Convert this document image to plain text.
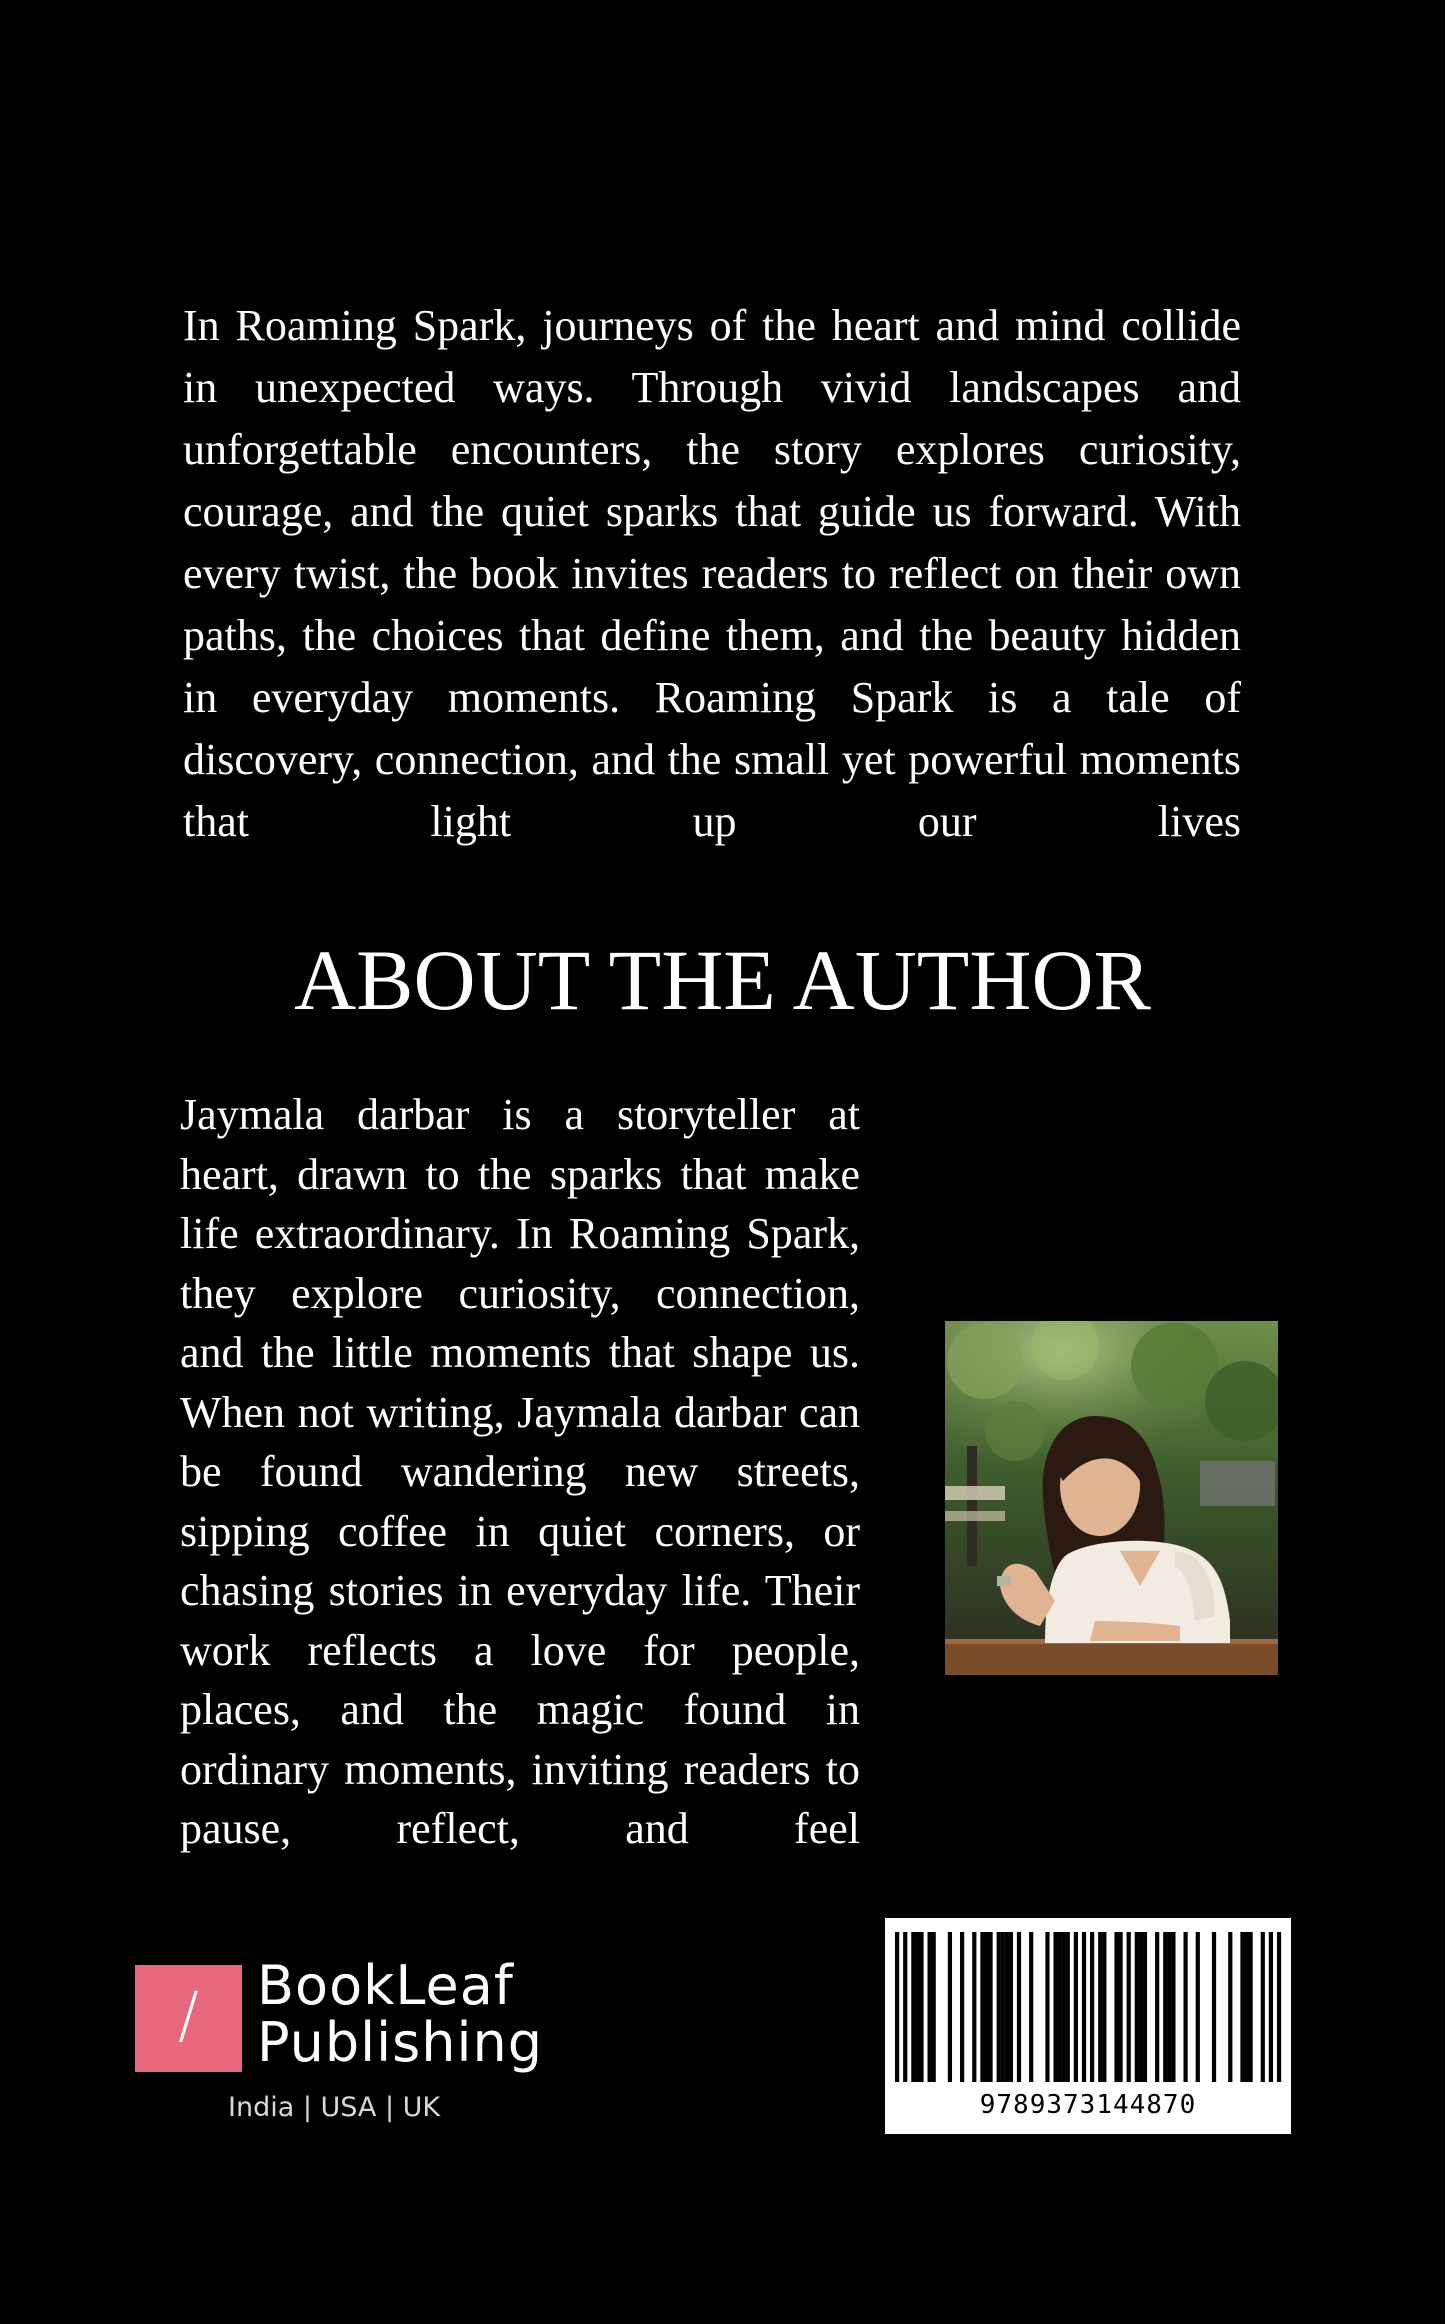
In Roaming Spark, journeys of the heart and mind collide in unexpected ways. Through vivid landscapes and unforgettable encounters, the story explores curiosity, courage, and the quiet sparks that guide us forward. With every twist, the book invites readers to reflect on their own paths, the choices that define them, and the beauty hidden in everyday moments. Roaming Spark is a tale of discovery, connection, and the small yet powerful moments that light up our lives

ABOUT THE AUTHOR

Jaymala darbar is a storyteller at heart, drawn to the sparks that make life extraordinary. In Roaming Spark, they explore curiosity, connection, and the little moments that shape us. When not writing, Jaymala darbar can be found wandering new streets, sipping coffee in quiet corners, or chasing stories in everyday life. Their work reflects a love for people, places, and the magic found in ordinary moments, inviting readers to pause, reflect, and feel

/	BookLeaf
Publishing
India | USA | UK	9789373144870
